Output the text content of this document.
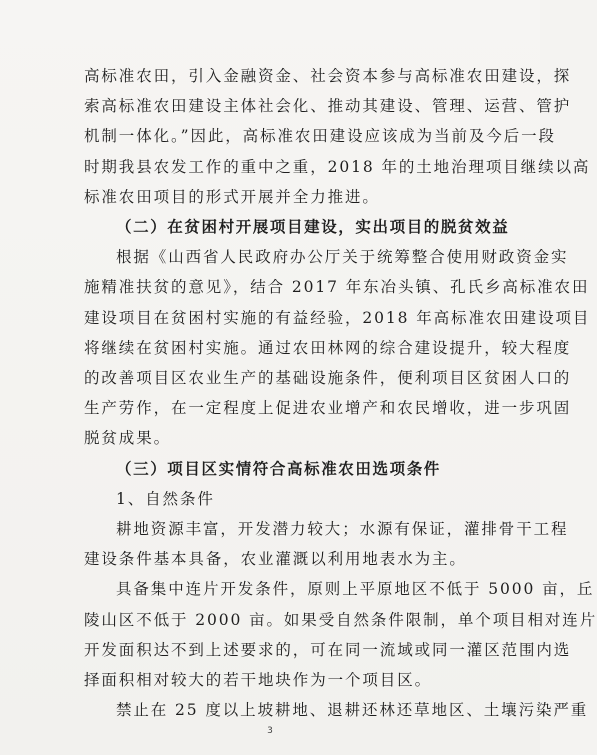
高标准农田，引入金融资金、社会资本参与高标准农田建设，探
索高标准农田建设主体社会化、推动其建设、管理、运营、管护
机制一体化。”因此，高标准农田建设应该成为当前及今后一段
时期我县农发工作的重中之重，2018 年的土地治理项目继续以高
标准农田项目的形式开展并全力推进。
（二）在贫困村开展项目建设，实出项目的脱贫效益
根据《山西省人民政府办公厅关于统筹整合使用财政资金实
施精准扶贫的意见》，结合 2017 年东冶头镇、孔氏乡高标准农田
建设项目在贫困村实施的有益经验，2018 年高标准农田建设项目
将继续在贫困村实施。通过农田林网的综合建设提升，较大程度
的改善项目区农业生产的基础设施条件，便利项目区贫困人口的
生产劳作，在一定程度上促进农业增产和农民增收，进一步巩固
脱贫成果。
（三）项目区实情符合高标准农田选项条件
1、自然条件
耕地资源丰富，开发潜力较大；水源有保证，灌排骨干工程
建设条件基本具备，农业灌溉以利用地表水为主。
具备集中连片开发条件，原则上平原地区不低于 5000 亩，丘
陵山区不低于 2000 亩。如果受自然条件限制，单个项目相对连片
开发面积达不到上述要求的，可在同一流域或同一灌区范围内选
择面积相对较大的若干地块作为一个项目区。
3
禁止在 25 度以上坡耕地、退耕还林还草地区、土壤污染严重
